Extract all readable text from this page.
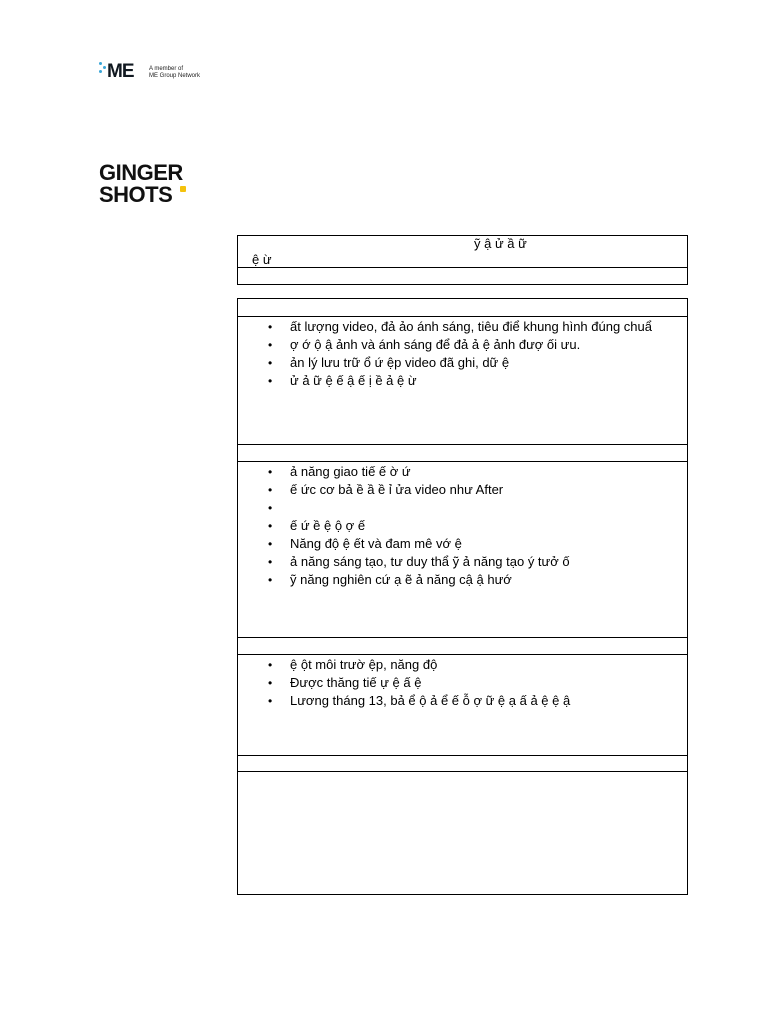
ME	A member of
ME Group Network
GINGER
SHOTS
ỹ ậ ử ầ ữ
ệ ừ
• ất lượng video, đả ảo ánh sáng, tiêu điể khung hình đúng chuẩ
• ợ ớ ộ ậ ảnh và ánh sáng để đả ả ệ ảnh đượ ối ưu.
• ản lý lưu trữ ổ ứ ệp video đã ghi, dữ ệ
• ử ả ữ ệ ế ậ ế ị ề ả ệ ừ
• ả năng giao tiế ế ờ ứ
• ế ức cơ bả ề ầ ề ỉ ửa video như After
•
• ế ứ ề ệ ộ ợ ế
• Năng độ ệ ết và đam mê vớ ệ
• ả năng sáng tạo, tư duy thẩ ỹ ả năng tạo ý tưở ố
• ỹ năng nghiên cứ ạ ẽ ả năng cậ ậ hướ
• ệ ột môi trườ ệp, năng độ
• Được thăng tiế ự ệ ấ ệ
• Lương tháng 13, bả ể ộ ả ể ế ỗ ợ ữ ệ ạ ấ ả ệ ệ ậ
